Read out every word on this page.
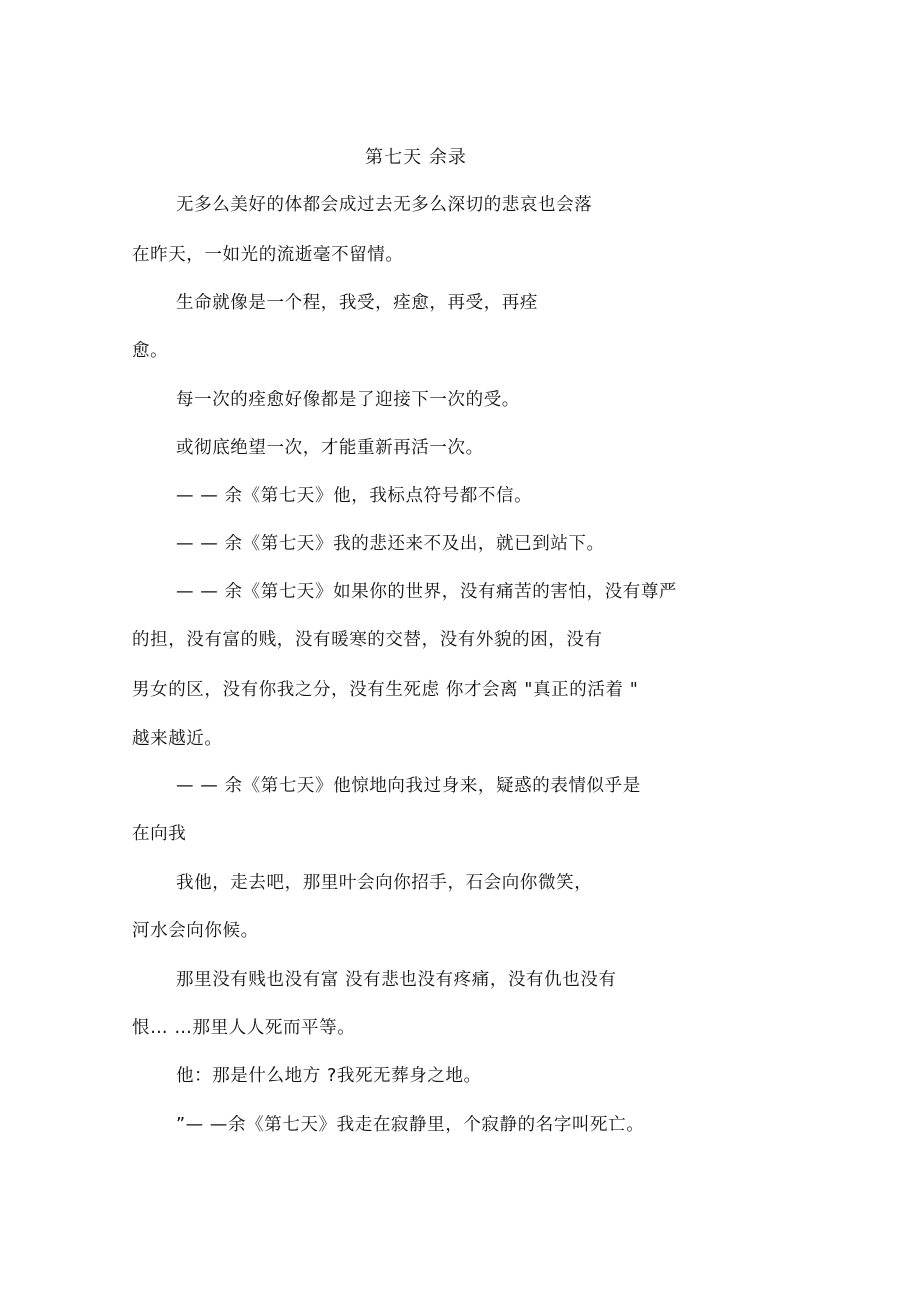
第七天 余录
无多么美好的体都会成过去无多么深切的悲哀也会落
在昨天，一如光的流逝毫不留情。
生命就像是一个程，我受，痊愈，再受，再痊
愈。
每一次的痊愈好像都是了迎接下一次的受。
或彻底绝望一次，才能重新再活一次。
— — 余《第七天》他，我标点符号都不信。
— — 余《第七天》我的悲还来不及出，就已到站下。
— — 余《第七天》如果你的世界，没有痛苦的害怕，没有尊严
的担，没有富的贱，没有暖寒的交替，没有外貌的困，没有
男女的区，没有你我之分，没有生死虑 你才会离 "真正的活着 "
越来越近。
— — 余《第七天》他惊地向我过身来，疑惑的表情似乎是
在向我
我他，走去吧，那里叶会向你招手，石会向你微笑，
河水会向你候。
那里没有贱也没有富 没有悲也没有疼痛，没有仇也没有
恨… …那里人人死而平等。
他：那是什么地方 ?我死无葬身之地。
”— —余《第七天》我走在寂静里，个寂静的名字叫死亡。
